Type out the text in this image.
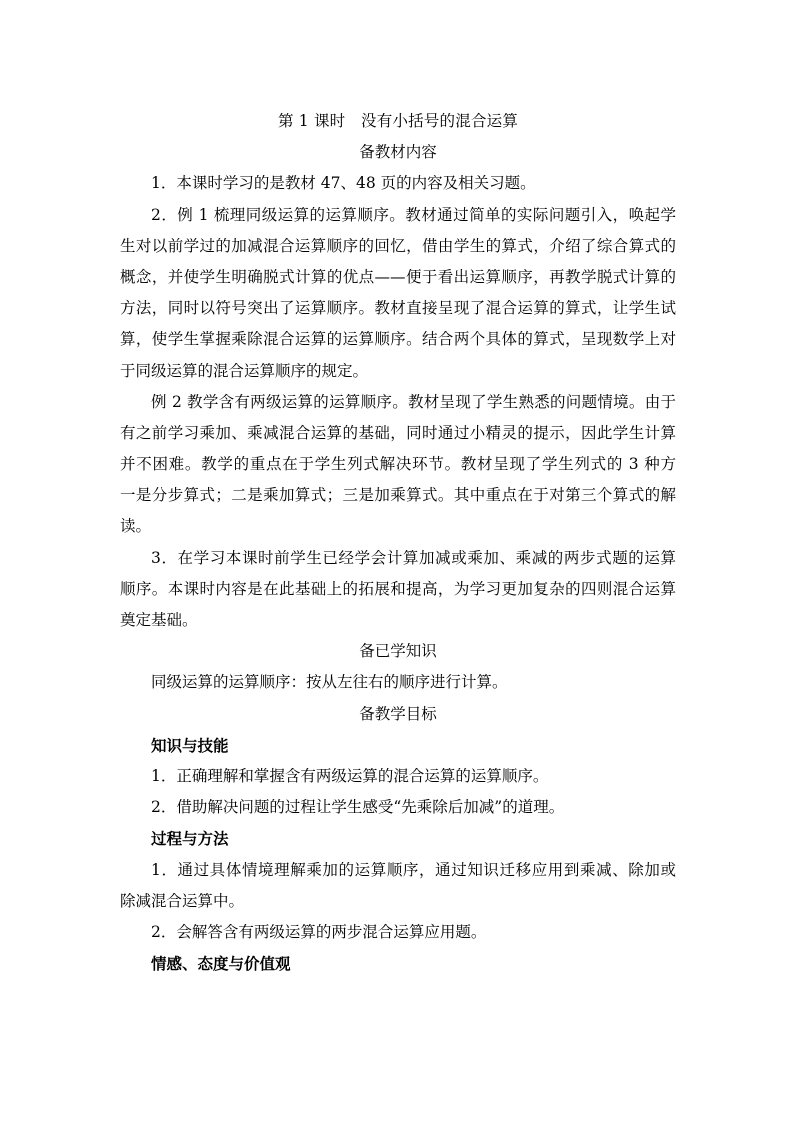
第 1 课时　没有小括号的混合运算
备教材内容
1．本课时学习的是教材 47、48 页的内容及相关习题。
2．例 1 梳理同级运算的运算顺序。教材通过简单的实际问题引入，唤起学
生对以前学过的加减混合运算顺序的回忆，借由学生的算式，介绍了综合算式的
概念，并使学生明确脱式计算的优点——便于看出运算顺序，再教学脱式计算的
方法，同时以符号突出了运算顺序。教材直接呈现了混合运算的算式，让学生试
算，使学生掌握乘除混合运算的运算顺序。结合两个具体的算式，呈现数学上对
于同级运算的混合运算顺序的规定。
例 2 教学含有两级运算的运算顺序。教材呈现了学生熟悉的问题情境。由于
有之前学习乘加、乘减混合运算的基础，同时通过小精灵的提示，因此学生计算
并不困难。教学的重点在于学生列式解决环节。教材呈现了学生列式的 3 种方
一是分步算式；二是乘加算式；三是加乘算式。其中重点在于对第三个算式的解
读。
3．在学习本课时前学生已经学会计算加减或乘加、乘减的两步式题的运算
顺序。本课时内容是在此基础上的拓展和提高，为学习更加复杂的四则混合运算
奠定基础。
备已学知识
同级运算的运算顺序：按从左往右的顺序进行计算。
备教学目标
知识与技能
1．正确理解和掌握含有两级运算的混合运算的运算顺序。
2．借助解决问题的过程让学生感受“先乘除后加减”的道理。
过程与方法
1．通过具体情境理解乘加的运算顺序，通过知识迁移应用到乘减、除加或
除减混合运算中。
2．会解答含有两级运算的两步混合运算应用题。
情感、态度与价值观
